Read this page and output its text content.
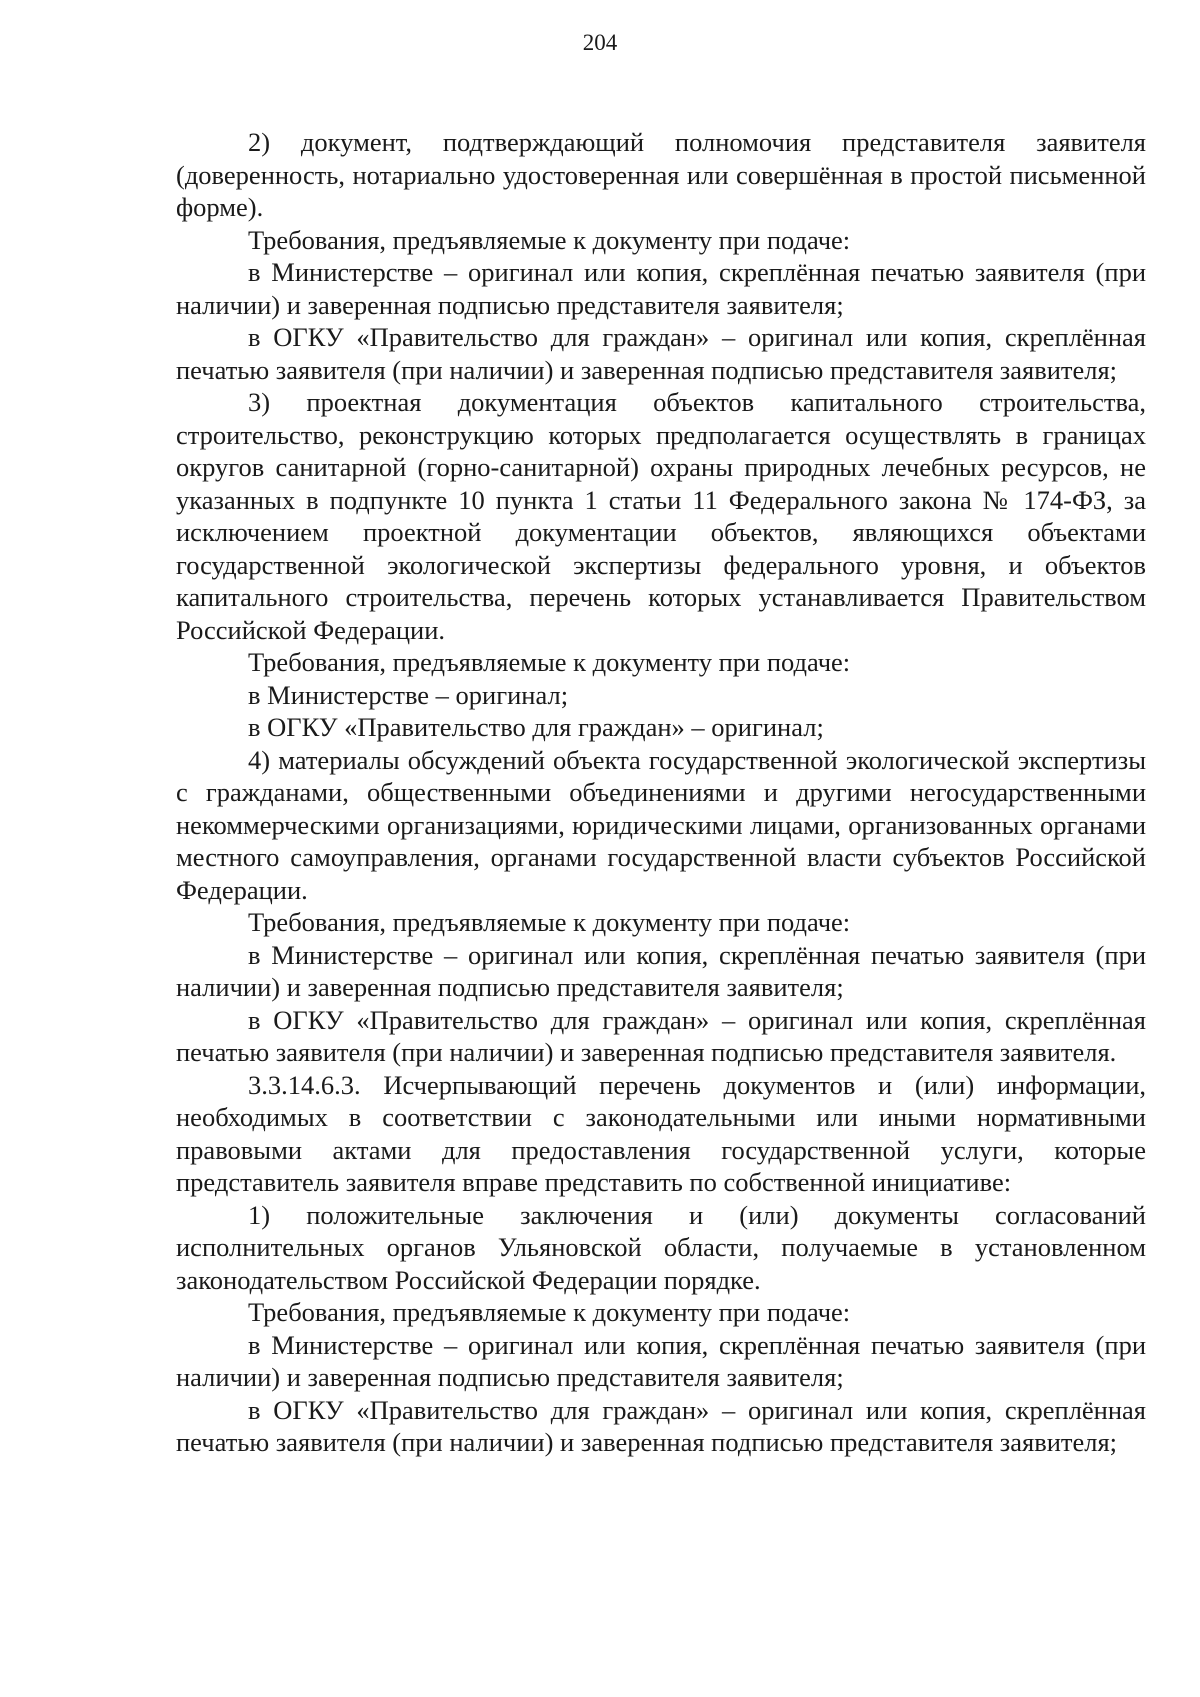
204

2) документ, подтверждающий полномочия представителя заявителя (доверенность, нотариально удостоверенная или совершённая в простой письменной форме).

Требования, предъявляемые к документу при подаче:

в Министерстве – оригинал или копия, скреплённая печатью заявителя (при наличии) и заверенная подписью представителя заявителя;

в ОГКУ «Правительство для граждан» – оригинал или копия, скреплённая печатью заявителя (при наличии) и заверенная подписью представителя заявителя;

3) проектная документация объектов капитального строительства, строительство, реконструкцию которых предполагается осуществлять в границах округов санитарной (горно-санитарной) охраны природных лечебных ресурсов, не указанных в подпункте 10 пункта 1 статьи 11 Федерального закона № 174-ФЗ, за исключением проектной документации объектов, являющихся объектами государственной экологической экспертизы федерального уровня, и объектов капитального строительства, перечень которых устанавливается Правительством Российской Федерации.

Требования, предъявляемые к документу при подаче:

в Министерстве – оригинал;

в ОГКУ «Правительство для граждан» – оригинал;

4) материалы обсуждений объекта государственной экологической экспертизы с гражданами, общественными объединениями и другими негосударственными некоммерческими организациями, юридическими лицами, организованных органами местного самоуправления, органами государственной власти субъектов Российской Федерации.

Требования, предъявляемые к документу при подаче:

в Министерстве – оригинал или копия, скреплённая печатью заявителя (при наличии) и заверенная подписью представителя заявителя;

в ОГКУ «Правительство для граждан» – оригинал или копия, скреплённая печатью заявителя (при наличии) и заверенная подписью представителя заявителя.

3.3.14.6.3. Исчерпывающий перечень документов и (или) информации, необходимых в соответствии с законодательными или иными нормативными правовыми актами для предоставления государственной услуги, которые представитель заявителя вправе представить по собственной инициативе:

1) положительные заключения и (или) документы согласований исполнительных органов Ульяновской области, получаемые в установленном законодательством Российской Федерации порядке.

Требования, предъявляемые к документу при подаче:

в Министерстве – оригинал или копия, скреплённая печатью заявителя (при наличии) и заверенная подписью представителя заявителя;

в ОГКУ «Правительство для граждан» – оригинал или копия, скреплённая печатью заявителя (при наличии) и заверенная подписью представителя заявителя;
